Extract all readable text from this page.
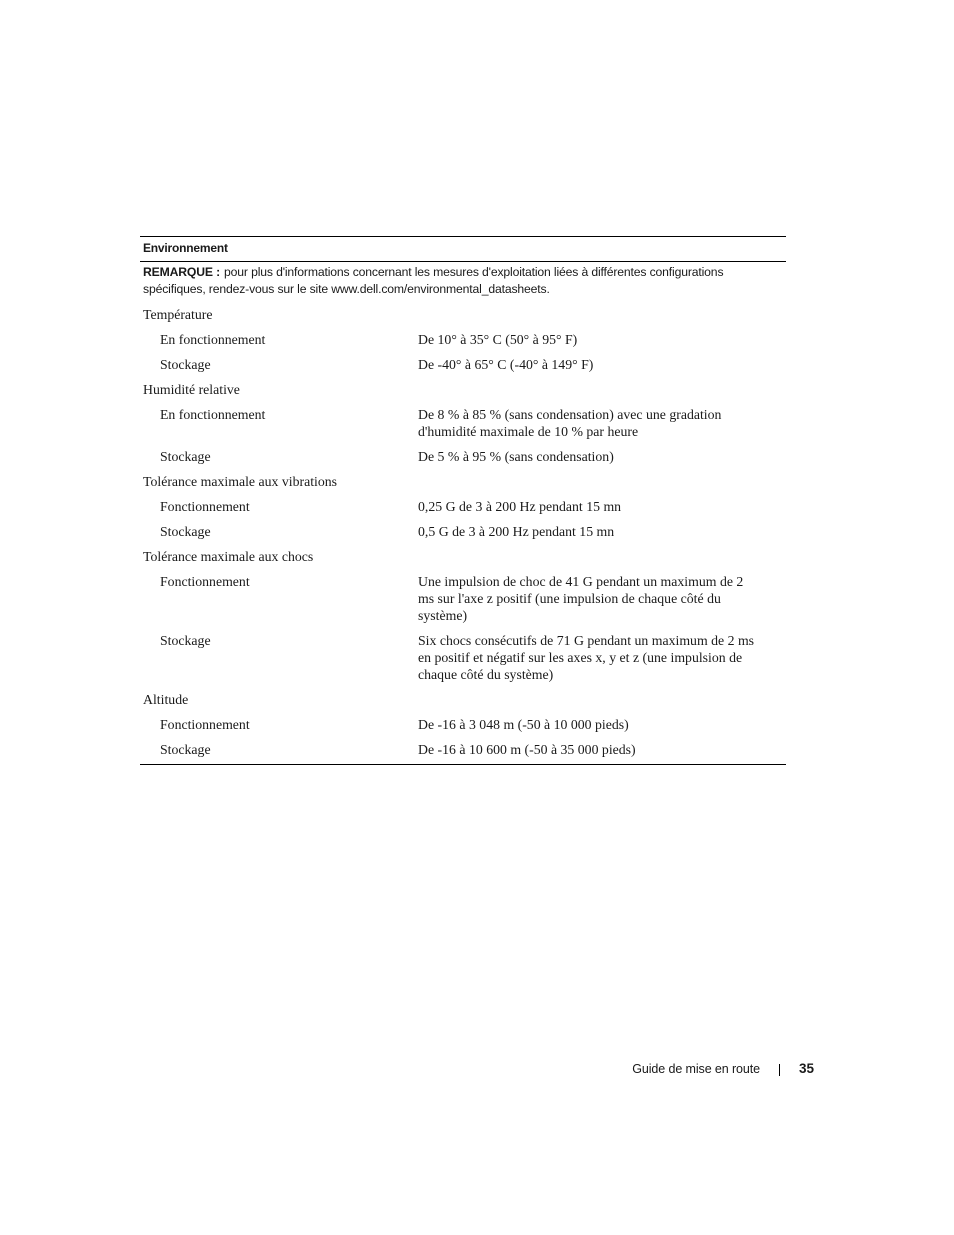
Environnement
REMARQUE : pour plus d'informations concernant les mesures d'exploitation liées à différentes configurations spécifiques, rendez-vous sur le site www.dell.com/environmental_datasheets.
Température
En fonctionnement	De 10° à 35° C (50° à 95° F)
Stockage	De -40° à 65° C (-40° à 149° F)
Humidité relative
En fonctionnement	De 8 % à 85 % (sans condensation) avec une gradation d'humidité maximale de 10 % par heure
Stockage	De 5 % à 95 % (sans condensation)
Tolérance maximale aux vibrations
Fonctionnement	0,25 G de 3 à 200 Hz pendant 15 mn
Stockage	0,5 G de 3 à 200 Hz pendant 15 mn
Tolérance maximale aux chocs
Fonctionnement	Une impulsion de choc de 41 G pendant un maximum de 2 ms sur l'axe z positif (une impulsion de chaque côté du système)
Stockage	Six chocs consécutifs de 71 G pendant un maximum de 2 ms en positif et négatif sur les axes x, y et z (une impulsion de chaque côté du système)
Altitude
Fonctionnement	De -16 à 3 048 m (-50 à 10 000 pieds)
Stockage	De -16 à 10 600 m (-50 à 35 000 pieds)
Guide de mise en route	35
